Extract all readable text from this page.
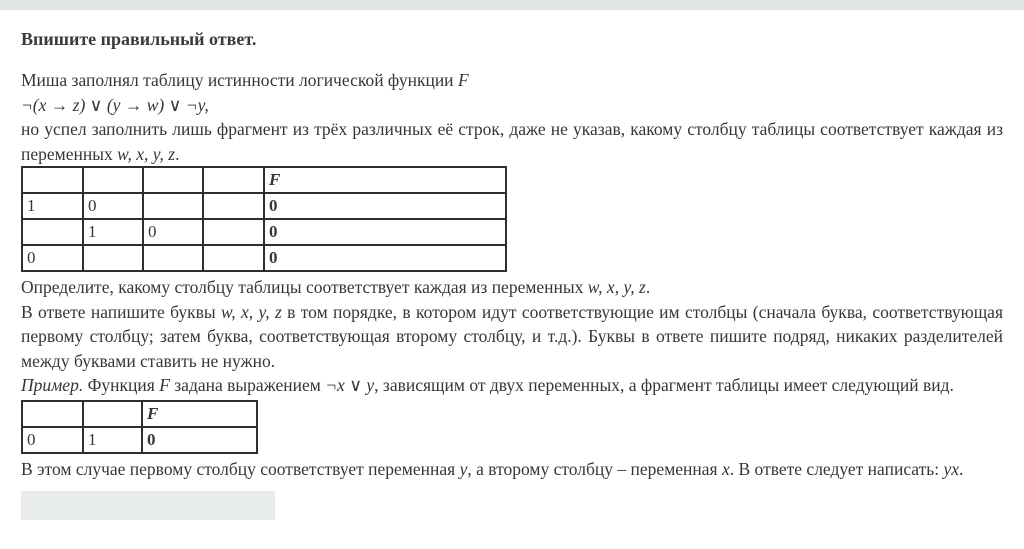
Впишите правильный ответ.

Миша заполнял таблицу истинности логической функции F

¬(x → z) ∨ (y → w) ∨ ¬y,

но успел заполнить лишь фрагмент из трёх различных её строк, даже не указав, какому столбцу таблицы соответствует каждая из переменных w, x, y, z.

				F
1	0			0
	1	0		0
0				0

Определите, какому столбцу таблицы соответствует каждая из переменных w, x, y, z.

В ответе напишите буквы w, x, y, z в том порядке, в котором идут соответствующие им столбцы (сначала буква, соответствующая первому столбцу; затем буква, соответствующая второму столбцу, и т.д.). Буквы в ответе пишите подряд, никаких разделителей между буквами ставить не нужно.

Пример. Функция F задана выражением ¬x ∨ y, зависящим от двух переменных, а фрагмент таблицы имеет следующий вид.

		F
0	1	0

В этом случае первому столбцу соответствует переменная y, а второму столбцу – переменная x. В ответе следует написать: yx.
